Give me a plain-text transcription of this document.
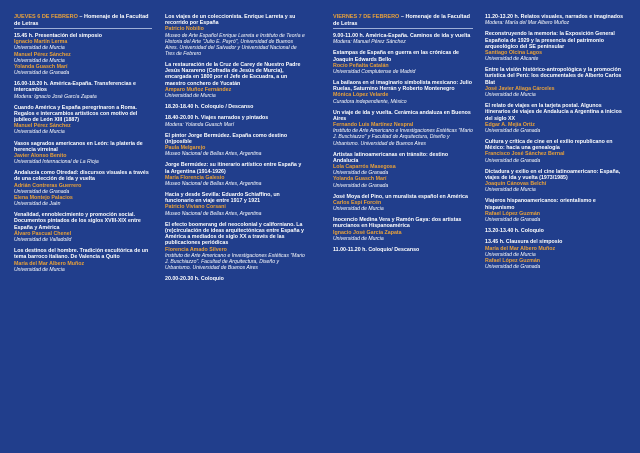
JUEVES 6 DE FEBRERO – Homenaje de la Facultad de Letras
15.45 h. Presentación del simposio
Ignacio Martín Lerma
Universidad de Murcia
Manuel Pérez Sánchez
Universidad de Murcia
Yolanda Guasch Marí
Universidad de Granada
16.00-18.20 h. América-España. Transferencias e intercambios
Modera: Ignacio José García Zapata
Cuando América y España peregrinaron a Roma. Regalos e intercambios artísticos con motivo del jubileo de León XIII (1887)
Manuel Pérez Sánchez
Universidad de Murcia
Vasos sagrados americanos en León: la platería de herencia virreinal
Javier Alonso Benito
Universidad Internacional de La Rioja
Andalucía como Otredad: discursos visuales a través de una colección de ida y vuelta
Adrián Contreras Guerrero
Universidad de Granada
Elena Montejo Palacios
Universidad de Jaén
Venalidad, ennoblecimiento y promoción social. Documentos pintados de los siglos XVIII-XIX entre España y América
Álvaro Pascual Chenel
Universidad de Valladolid
Los destinos del hombre. Tradición escultórica de un tema barroco italiano. De Valencia a Quito
María del Mar Albero Muñoz
Universidad de Murcia
Los viajes de un coleccionista. Enrique Larreta y su recorrido por España
Patricio Nobilio
Museo de Arte Español Enrique Larreta e Instituto de Teoría e Historia del Arte "Julio E. Payró", Universidad de Buenos Aires. Universidad del Salvador y Universidad Nacional de Tres de Febrero
La restauración de la Cruz de Carey de Nuestro Padre Jesús Nazareno (Cofradía de Jesús de Murcia), encargada en 1800 por el Jefe de Escuadra, a un maestro conchero de Yucatán
Amparo Muñoz Fernández
Universidad de Murcia
18.20-18.40 h. Coloquio / Descanso
18.40-20.00 h. Viajes narrados y pintados
Modera: Yolanda Guasch Marí
El pintor Jorge Bermúdez. España como destino (in)posible
Paula Melgarejo
Museo Nacional de Bellas Artes, Argentina
Jorge Bermúdez: su itinerario artístico entre España y la Argentina (1914-1926)
María Florencia Galesio
Museo Nacional de Bellas Artes, Argentina
Hacia y desde Sevilla: Eduardo Schiaffino, un funcionario en viaje entre 1917 y 1921
Patricio Viviano Corsani
Museo Nacional de Bellas Artes, Argentina
El efecto boomerang del neocolonial y californiano. La (re)circulación de ideas arquitectónicas entre España y América a mediados de siglo XX a través de las publicaciones periódicas
Florencia Amado Silvero
Instituto de Arte Americano e Investigaciones Estéticas "Mario J. Buschiazzo". Facultad de Arquitectura, Diseño y Urbanismo. Universidad de Buenos Aires
20.00-20.30 h. Coloquio
VIERNES 7 DE FEBRERO – Homenaje de la Facultad de Letras
9.00-11.00 h. América-España. Caminos de ida y vuelta
Modera: Manuel Pérez Sánchez
Estampas de España en guerra en las crónicas de Joaquín Edwards Bello
Rocío Peñalta Catalán
Universidad Complutense de Madrid
La bailaora en el imaginario simbolista mexicano: Julio Ruelas, Saturnino Herrán y Roberto Montenegro
Mónica López Velarde
Curadora independiente, México
Un viaje de ida y vuelta. Cerámica andaluza en Buenos Aires
Fernando Luis Martínez Nespral
Instituto de Arte Americano e Investigaciones Estéticas "Mario J. Buschiazzo" y Facultad de Arquitectura, Diseño y Urbanismo. Universidad de Buenos Aires
Artistas latinoamericanas en tránsito: destino Andalucía
Lola Caparrós Masegosa
Universidad de Granada
Yolanda Guasch Marí
Universidad de Granada
José Moya del Pino, un muralista español en América
Carlos Espí Forcén
Universidad de Murcia
Inocencio Medina Vera y Ramón Gaya: dos artistas murcianos en Hispanoamérica
Ignacio José García Zapata
Universidad de Murcia
11.00-11.20 h. Coloquio/ Descanso
11.20-13.20 h. Relatos visuales, narrados e imaginados
Modera: María del Mar Albero Muñoz
Reconstruyendo la memoria: la Exposición General Española de 1929 y la presencia del patrimonio arqueológico del SE peninsular
Santiago Olcina Lagos
Universidad de Alicante
Entre la visión histórico-antropológica y la promoción turística del Perú: los documentales de Alberto Carlos Blat
José Javier Aliaga Cárceles
Universidad de Murcia
El relato de viajes en la tarjeta postal. Algunos itinerarios de viajes de Andalucía a Argentina a inicios del siglo XX
Edgar A. Mejía Ortiz
Universidad de Granada
Cultura y crítica de cine en el exilio republicano en México: hacia una genealogía
Francisco José Sánchez Bernal
Universidad de Granada
Dictadura y exilio en el cine latinoamericano: España, viajes de ida y vuelta (1973/1985)
Joaquín Cánovas Belchí
Universidad de Murcia
Viajeros hispanoamericanos: orientalismo e hispanismo
Rafael López Guzmán
Universidad de Granada
13.20-13.40 h. Coloquio
13.45 h. Clausura del simposio
María del Mar Albero Muñoz
Universidad de Murcia
Rafael López Guzmán
Universidad de Granada
